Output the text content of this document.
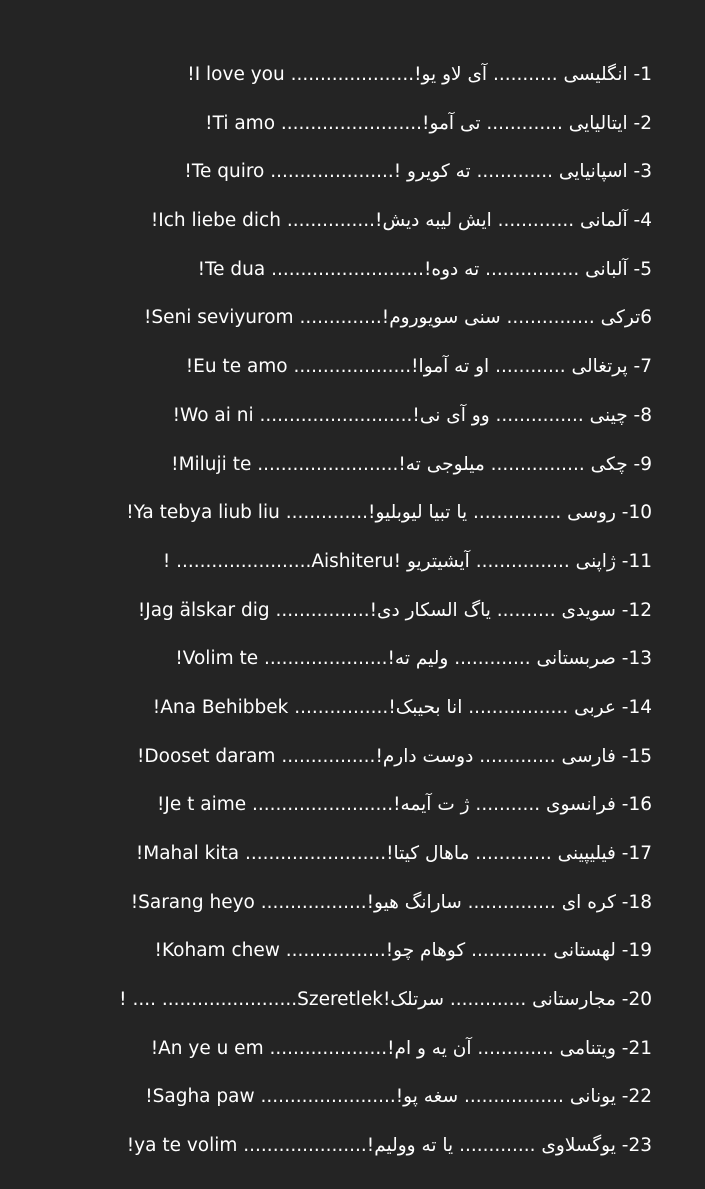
1- انگلیسی ........... آی لاو یو!..................... I love you!
2- ایتالیایی ............. تی آمو!........................ Ti amo!
3- اسپانیایی ............. ته کویرو !..................... Te quiro!
4- آلمانی ............. ایش لیبه دیش!............... Ich liebe dich!
5- آلبانی ................ ته دوه!.......................... Te dua!
6ترکی ............... سنی سویوروم!.............. Seni seviyurom!
7- پرتغالی ............ او ته آموا!.................... Eu te amo!
8- چینی ............... وو آی نی!.......................... Wo ai ni!
9- چکی ................ میلوجی ته!........................ Miluji te!
10- روسی ............... یا تبیا لیوبلیو!.............. Ya tebya liub liu!
11- ژاپنی ................ آیشیتریو !Aishiteru....................... !
12- سویدی .......... یاگ السکار دی!................ Jag älskar dig!
13- صربستانی ............. ولیم ته!..................... Volim te!
14- عربی ................. انا بحیبک!................ Ana Behibbek!
15- فارسی ............. دوست دارم!................ Dooset daram!
16- فرانسوی ........... ژ ت آیمه!........................ Je t aime!
17- فیلیپینی ............. ماهال کیتا!........................ Mahal kita!
18- کره ای ............... سارانگ هیو!.................. Sarang heyo!
19- لهستانی ............. کوهام چو!................. Koham chew!
20- مجارستانی ............. سرتلک!Szeretlek....................... .... !
21- ویتنامی ............. آن یه و ام!.................... An ye u em!
22- یونانی ................. سغه پو!....................... Sagha paw!
23- یوگسلاوی ............. یا ته وولیم!..................... ya te volim!
